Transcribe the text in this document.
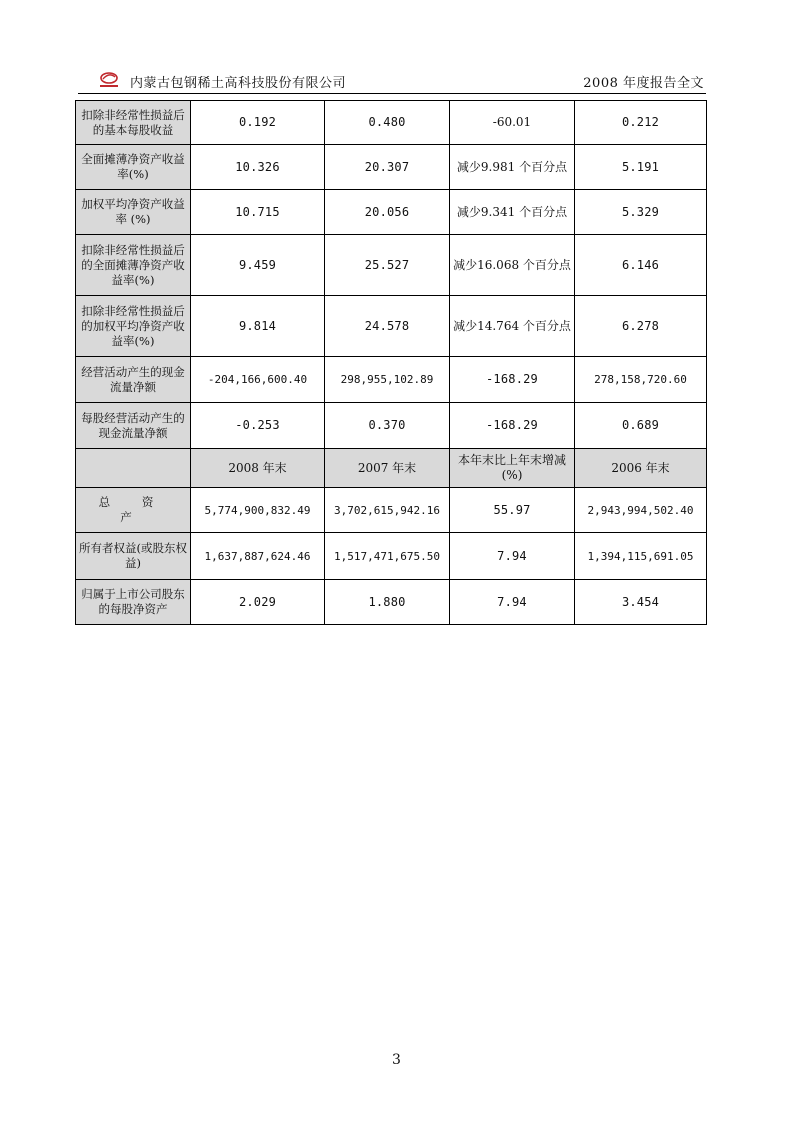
内蒙古包钢稀土高科技股份有限公司	2008 年度报告全文
扣除非经常性损益后的基本每股收益	0.192	0.480	-60.01	0.212
全面摊薄净资产收益率(%)	10.326	20.307	减少9.981 个百分点	5.191
加权平均净资产收益率 (%)	10.715	20.056	减少9.341 个百分点	5.329
扣除非经常性损益后的全面摊薄净资产收益率(%)	9.459	25.527	减少16.068 个百分点	6.146
扣除非经常性损益后的加权平均净资产收益率(%)	9.814	24.578	减少14.764 个百分点	6.278
经营活动产生的现金流量净额	-204,166,600.40	298,955,102.89	-168.29	278,158,720.60
每股经营活动产生的现金流量净额	-0.253	0.370	-168.29	0.689
	2008 年末	2007 年末	本年末比上年末增减(%)	2006 年末
总 资 产	5,774,900,832.49	3,702,615,942.16	55.97	2,943,994,502.40
所有者权益(或股东权益)	1,637,887,624.46	1,517,471,675.50	7.94	1,394,115,691.05
归属于上市公司股东的每股净资产	2.029	1.880	7.94	3.454
3
